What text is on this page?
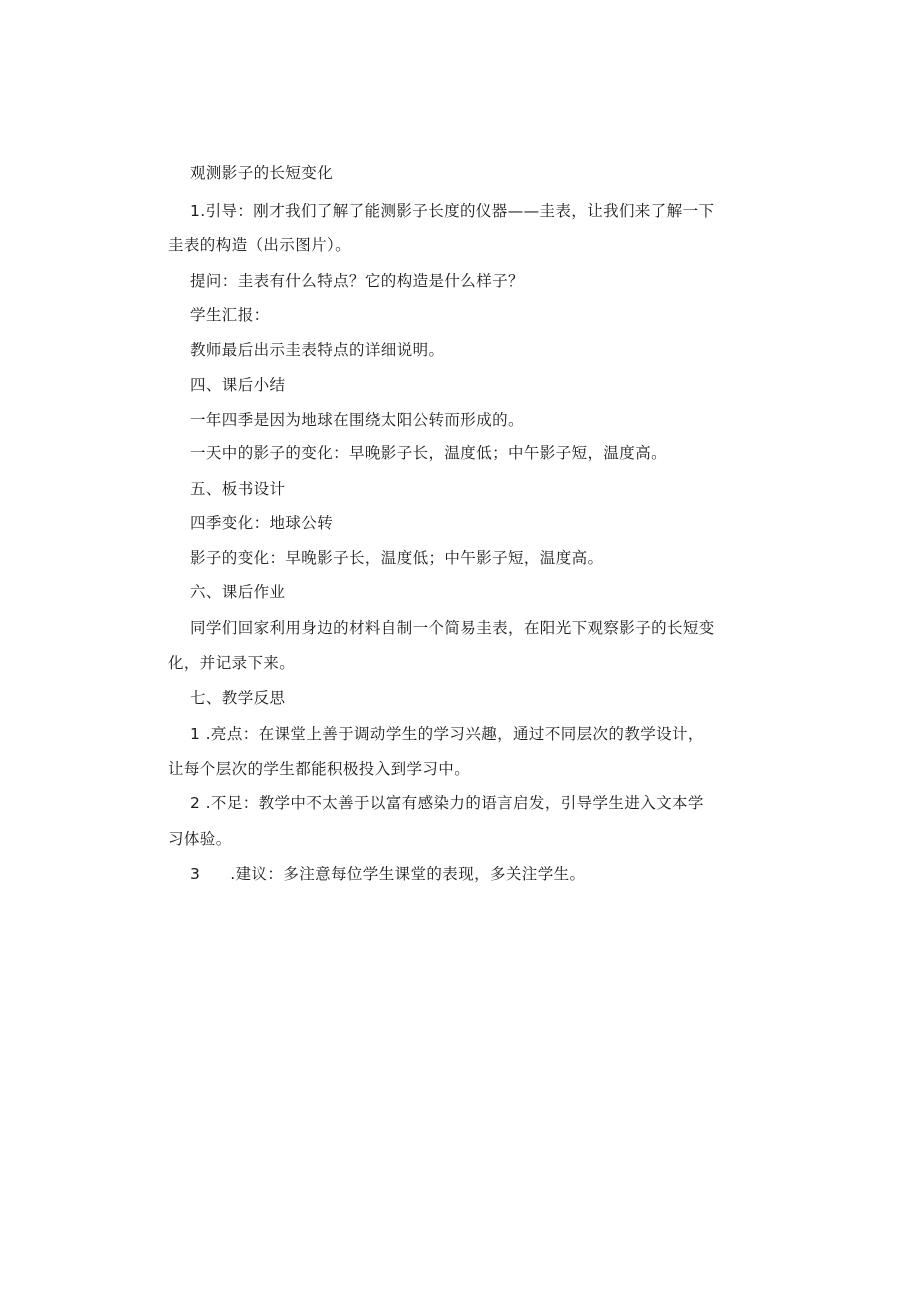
观测影子的长短变化
1.引导：刚才我们了解了能测影子长度的仪器——圭表，让我们来了解一下
圭表的构造（出示图片）。
提问：圭表有什么特点？它的构造是什么样子？
学生汇报：
教师最后出示圭表特点的详细说明。
四、课后小结
一年四季是因为地球在围绕太阳公转而形成的。
一天中的影子的变化：早晚影子长，温度低；中午影子短，温度高。
五、板书设计
四季变化：地球公转
影子的变化：早晚影子长，温度低；中午影子短，温度高。
六、课后作业
同学们回家利用身边的材料自制一个简易圭表，在阳光下观察影子的长短变
化，并记录下来。
七、教学反思
1 .亮点：在课堂上善于调动学生的学习兴趣，通过不同层次的教学设计，
让每个层次的学生都能积极投入到学习中。
2 .不足：教学中不太善于以富有感染力的语言启发，引导学生进入文本学
习体验。
3 .建议：多注意每位学生课堂的表现，多关注学生。
